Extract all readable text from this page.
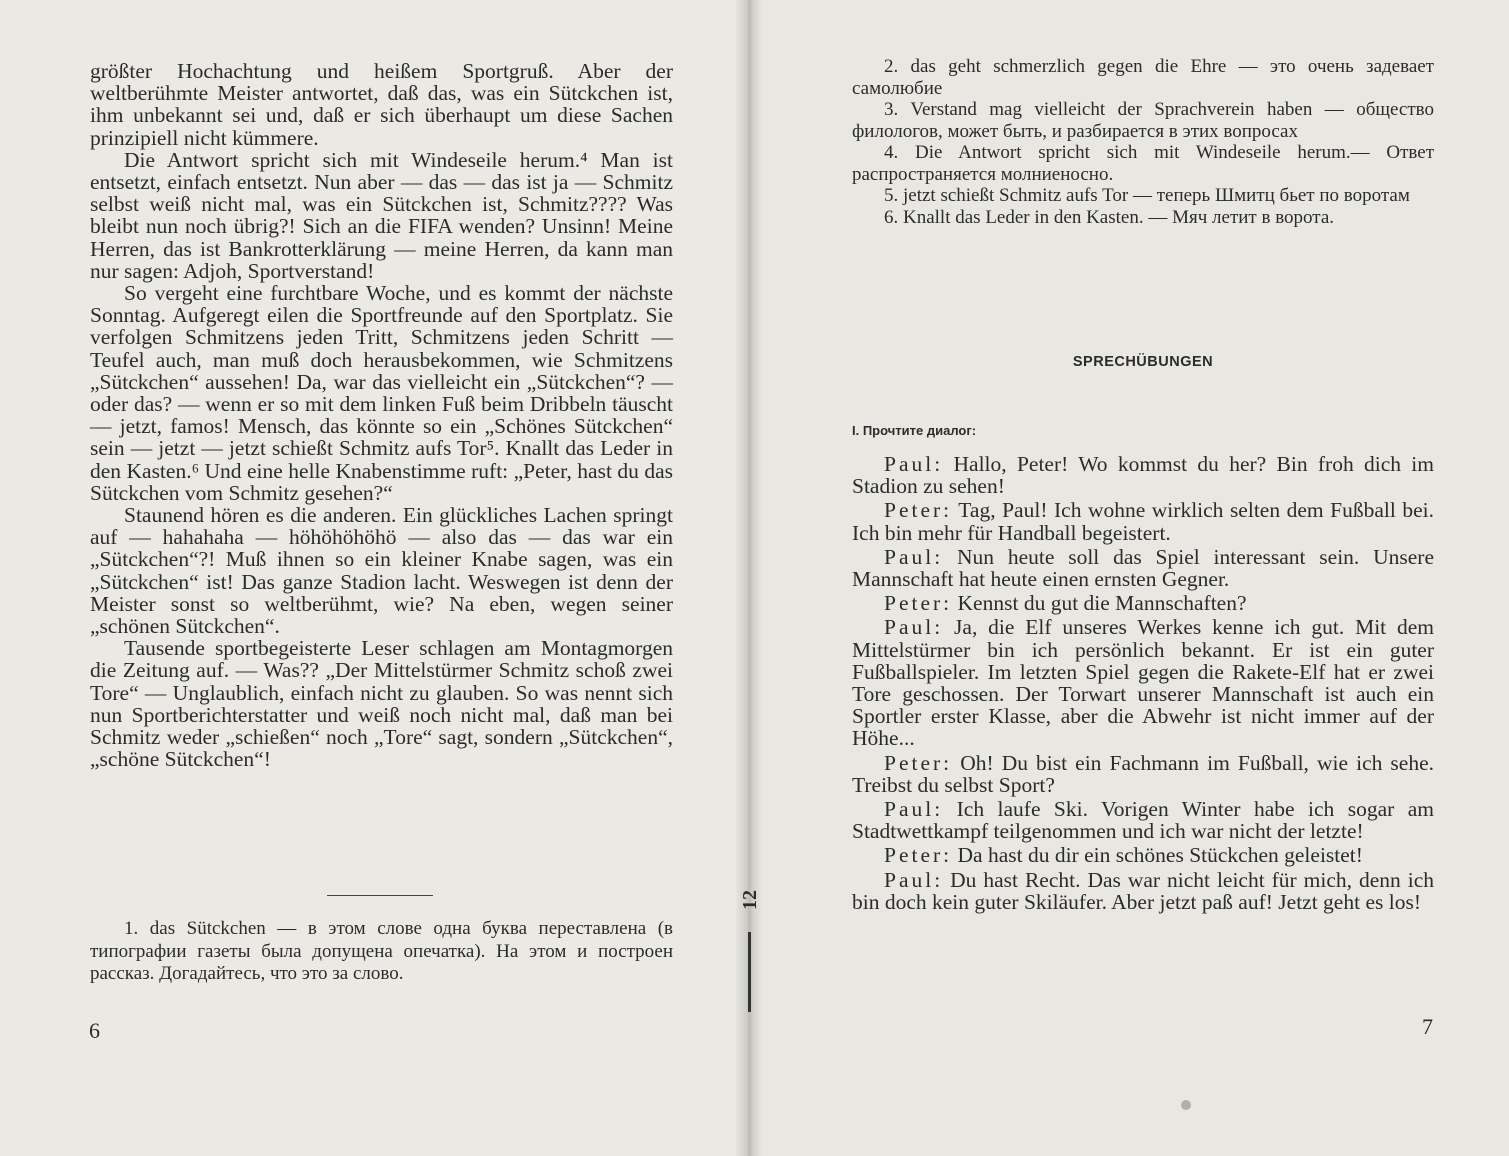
größter Hochachtung und heißem Sportgruß. Aber der weltberühmte Meister antwortet, daß das, was ein Sütckchen ist, ihm unbekannt sei und, daß er sich überhaupt um diese Sachen prinzipiell nicht kümmere.

Die Antwort spricht sich mit Windeseile herum.⁴ Man ist entsetzt, einfach entsetzt. Nun aber — das — das ist ja — Schmitz selbst weiß nicht mal, was ein Sütckchen ist, Schmitz???? Was bleibt nun noch übrig?! Sich an die FIFA wenden? Unsinn! Meine Herren, das ist Bankrotterklärung — meine Herren, da kann man nur sagen: Adjoh, Sportverstand!

So vergeht eine furchtbare Woche, und es kommt der nächste Sonntag. Aufgeregt eilen die Sportfreunde auf den Sportplatz. Sie verfolgen Schmitzens jeden Tritt, Schmitzens jeden Schritt — Teufel auch, man muß doch herausbekommen, wie Schmitzens „Sütckchen“ aussehen! Da, war das vielleicht ein „Sütckchen“? — oder das? — wenn er so mit dem linken Fuß beim Dribbeln täuscht — jetzt, famos! Mensch, das könnte so ein „Schönes Sütckchen“ sein — jetzt — jetzt schießt Schmitz aufs Tor⁵. Knallt das Leder in den Kasten.⁶ Und eine helle Knabenstimme ruft: „Peter, hast du das Sütckchen vom Schmitz gesehen?“

Staunend hören es die anderen. Ein glückliches Lachen springt auf — hahahaha — höhöhöhöhö — also das — das war ein „Sütckchen“?! Muß ihnen so ein kleiner Knabe sagen, was ein „Sütckchen“ ist! Das ganze Stadion lacht. Weswegen ist denn der Meister sonst so weltberühmt, wie? Na eben, wegen seiner „schönen Sütckchen“.

Tausende sportbegeisterte Leser schlagen am Montagmorgen die Zeitung auf. — Was?? „Der Mittelstürmer Schmitz schoß zwei Tore“ — Unglaublich, einfach nicht zu glauben. So was nennt sich nun Sportberichterstatter und weiß noch nicht mal, daß man bei Schmitz weder „schießen“ noch „Tore“ sagt, sondern „Sütckchen“, „schöne Sütckchen“!

1. das Sütckchen — в этом слове одна буква переставлена (в типографии газеты была допущена опечатка). На этом и построен рассказ. Догадайтесь, что это за слово.
6
12

2. das geht schmerzlich gegen die Ehre — это очень задевает самолюбие

3. Verstand mag vielleicht der Sprachverein haben — общество филологов, может быть, и разбирается в этих вопросах

4. Die Antwort spricht sich mit Windeseile herum.— Ответ распространяется молниеносно.

5. jetzt schießt Schmitz aufs Tor — теперь Шмитц бьет по воротам

6. Knallt das Leder in den Kasten. — Мяч летит в ворота.

SPRECHÜBUNGEN
I. Прочтите диалог:

Paul: Hallo, Peter! Wo kommst du her? Bin froh dich im Stadion zu sehen!

Peter: Tag, Paul! Ich wohne wirklich selten dem Fußball bei. Ich bin mehr für Handball begeistert.

Paul: Nun heute soll das Spiel interessant sein. Unsere Mannschaft hat heute einen ernsten Gegner.

Peter: Kennst du gut die Mannschaften?

Paul: Ja, die Elf unseres Werkes kenne ich gut. Mit dem Mittelstürmer bin ich persönlich bekannt. Er ist ein guter Fußballspieler. Im letzten Spiel gegen die Rakete-Elf hat er zwei Tore geschossen. Der Torwart unserer Mannschaft ist auch ein Sportler erster Klasse, aber die Abwehr ist nicht immer auf der Höhe...

Peter: Oh! Du bist ein Fachmann im Fußball, wie ich sehe. Treibst du selbst Sport?

Paul: Ich laufe Ski. Vorigen Winter habe ich sogar am Stadtwettkampf teilgenommen und ich war nicht der letzte!

Peter: Da hast du dir ein schönes Stückchen geleistet!

Paul: Du hast Recht. Das war nicht leicht für mich, denn ich bin doch kein guter Skiläufer. Aber jetzt paß auf! Jetzt geht es los!

7
